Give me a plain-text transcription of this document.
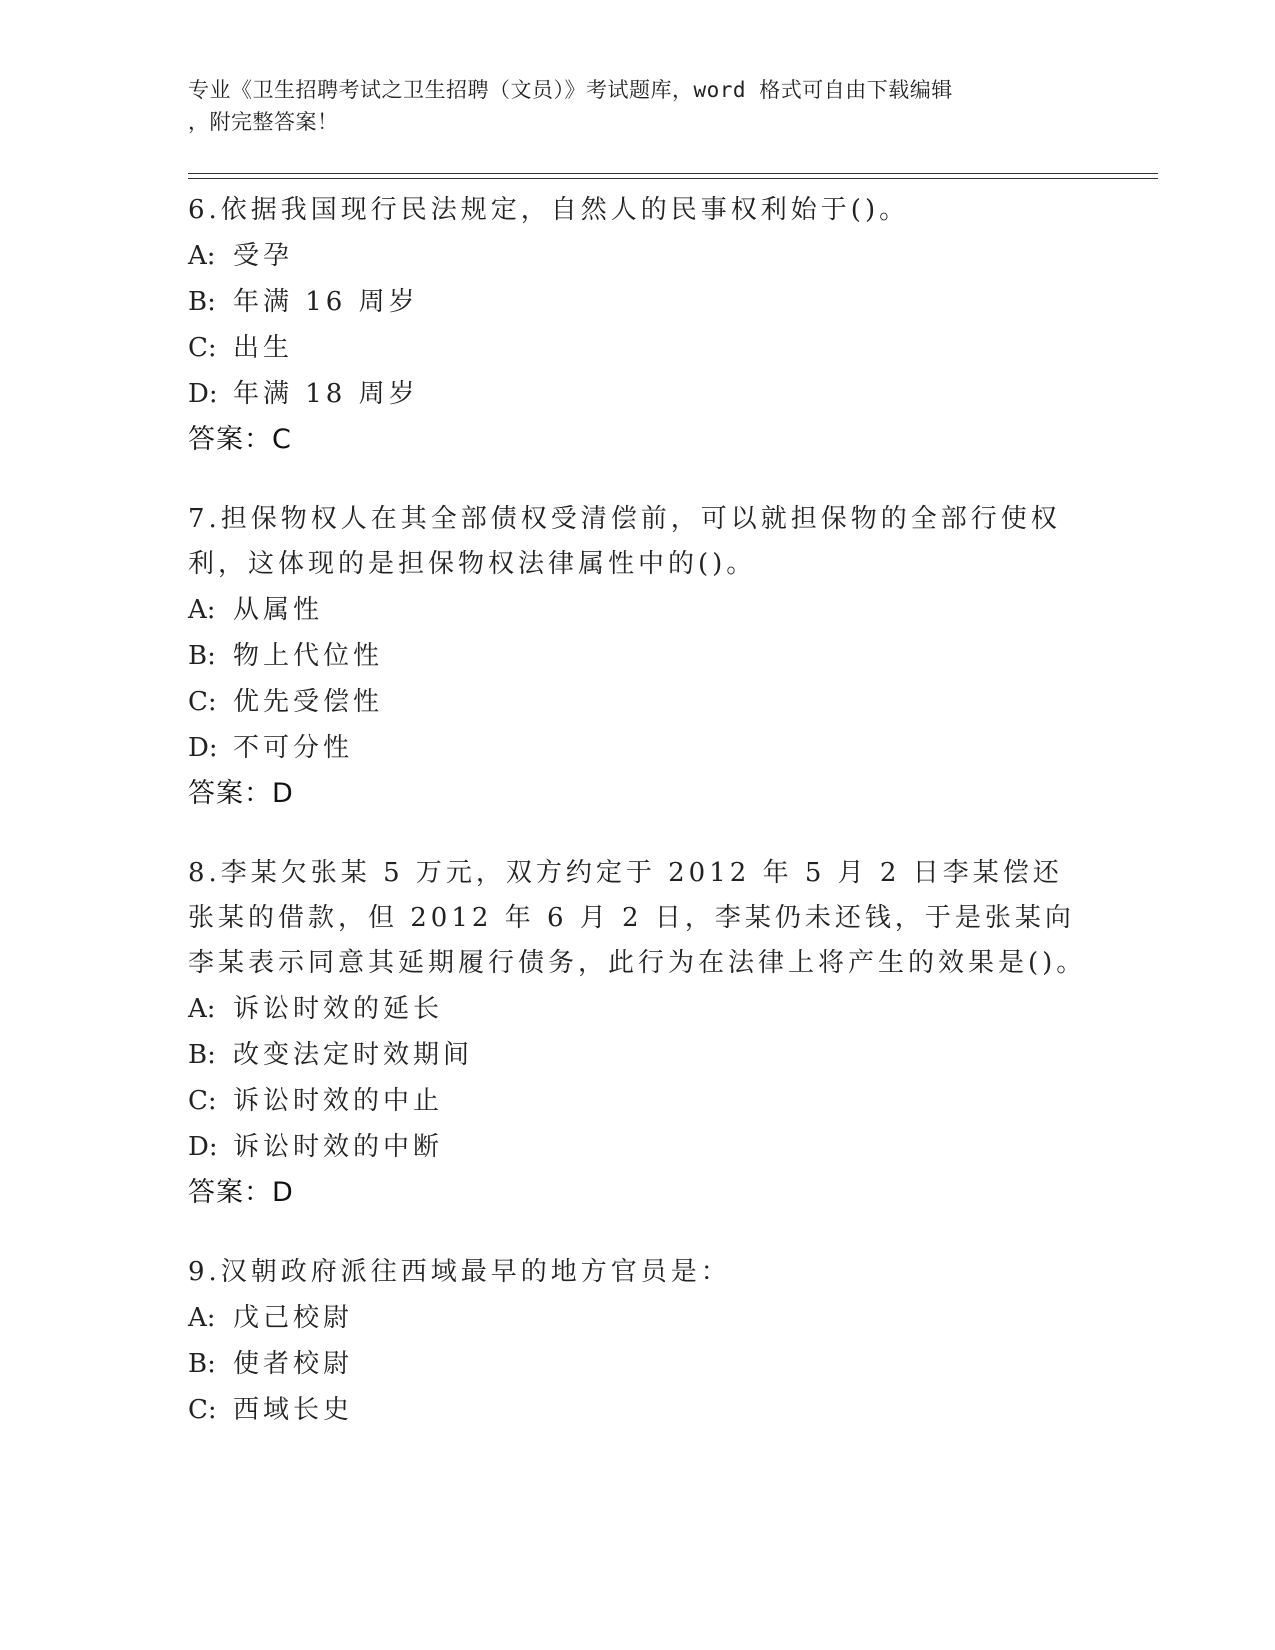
专业《卫生招聘考试之卫生招聘（文员）》考试题库，word 格式可自由下载编辑
，附完整答案！
6.依据我国现行民法规定，自然人的民事权利始于()。
A: 受孕
B: 年满 16 周岁
C: 出生
D: 年满 18 周岁
答案：C
7.担保物权人在其全部债权受清偿前，可以就担保物的全部行使权利，这体现的是担保物权法律属性中的()。
A: 从属性
B: 物上代位性
C: 优先受偿性
D: 不可分性
答案：D
8.李某欠张某 5 万元，双方约定于 2012 年 5 月 2 日李某偿还张某的借款，但 2012 年 6 月 2 日，李某仍未还钱，于是张某向李某表示同意其延期履行债务，此行为在法律上将产生的效果是()。
A: 诉讼时效的延长
B: 改变法定时效期间
C: 诉讼时效的中止
D: 诉讼时效的中断
答案：D
9.汉朝政府派往西域最早的地方官员是：
A: 戊己校尉
B: 使者校尉
C: 西域长史
